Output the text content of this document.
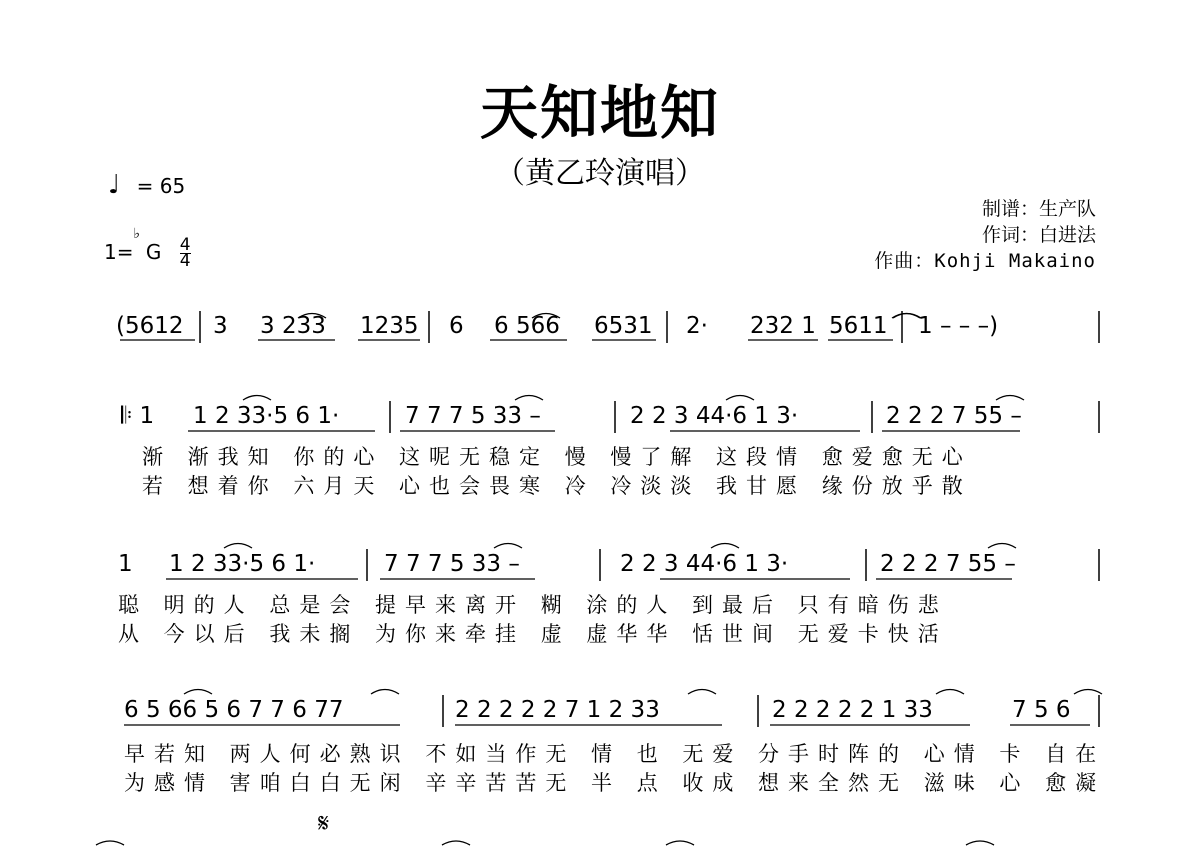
天知地知
（黄乙玲演唱）
♩ = 65
1=
♭
G $\frac{4}{4}$
制谱：生产队
作词：白进法
作曲：Kohji Makaino
(5612 3 3 233 1235 6 6 566 6531 2· 232 1 5611 1 – – –)
𝄆 1 1 2 33·5 6 1·	7 7 7 5 33 –	2 2 3 44·6 1 3·	2 2 2 7 55 –
1 1 2 33·5 6 1·	7 7 7 5 33 –	2 2 3 44·6 1 3·	2 2 2 7 55 –
6 5 66 5 6 7 7 6 77	2 2 2 2 2 7 1 2 33	2 2 2 2 2 1 33	7 5 6
渐 渐我知 你的心 这呢无稳定 慢 慢了解 这段情 愈爱愈无心
若 想着你 六月天 心也会畏寒 冷 冷淡淡 我甘愿 缘份放乎散
聪 明的人 总是会 提早来离开 糊 涂的人 到最后 只有暗伤悲
从 今以后 我未搁 为你来牵挂 虚 虚华华 恬世间 无爱卡快活
早若知 两人何必熟识 不如当作无 情 也 无爱 分手时阵的 心情 卡 自在
为感情 害咱白白无闲 辛辛苦苦无 半 点 收成 想来全然无 滋味 心 愈凝
𝄋
